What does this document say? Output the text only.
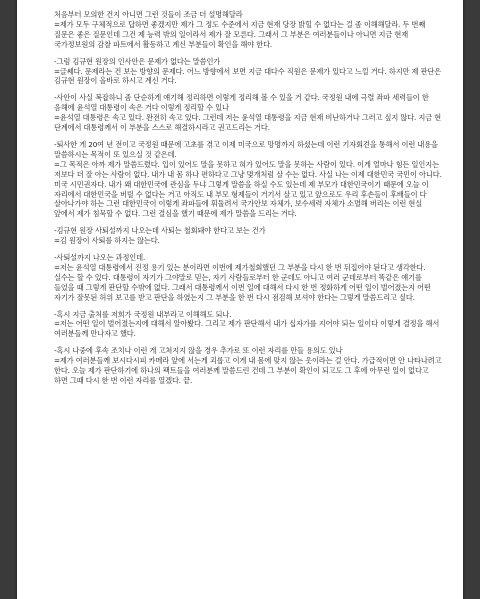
처음부터 모의한 건지 아니면 그런 것들이 조금 더 설명해달라

=제가 모두 구체적으로 답하면 좋겠지만 제가 그 정도 수준에서 지금 현재 당장 밝힐 수 없다는 걸 좀 이해해달라. 두 번째 질문은 좋은 질문인데 그건 제 능력 밖의 일이라서 제가 잘 모른다. 그래서 그 부분은 여러분들이나 아니면 지금 현재 국가정보원의 감찰 파트에서 활동하고 계신 부분들이 확인을 해야 한다.

-그럼 김규현 원장의 인사안은 문제가 없다는 말씀인가

=글쎄다. 문제라는 건 보는 방향의 문제다. 어느 방향에서 보면 지금 대다수 직원은 문제가 있다고 느낄 거다. 하지만 제 판단은 김규현 원장이 올바로 하시고 계신 거다.

-사안이 사실 복잡하니 좀 단순하게 얘기해 정리하면 이렇게 정리해 볼 수 있을 거 같다. 국정원 내에 극렬 좌파 세력들이 한 음해에 윤석열 대통령이 속은 거다 이렇게 정리할 수 있나

=윤석열 대통령은 속고 있다. 완전히 속고 있다. 그런데 저는 윤석열 대통령을 지금 현재 비난하거나 그러고 싶지 않다. 지금 현 단계에서 대통령께서 이 부분을 스스로 해결하시라고 권고드리는 거다.

-퇴사한 게 20여 년 전이고 국정원 때문에 고초를 겪고 이제 미국으로 망명까지 하셨는데 이런 기자회견을 통해서 이런 내용을 말씀하시는 목적이 또 있으실 것 같은데.

=그 목적은 아까 제가 말씀드렸다. 입이 있어도 말을 못하고 혀가 있어도 말을 못하는 사람이 있다. 이게 얼마나 힘든 일인지는 저보다 더 잘 아는 사람이 없다. 내가 내 몸 하나 편하다고 그냥 몇개처럼 살 수는 없다. 사실 나는 이제 대한민국 국민이 아니다. 미국 시민권자다. 내가 왜 대한민국에 관심을 두냐 그렇게 말씀을 하실 수도 있는데 제 부모가 대한민국이기 때문에 오늘 이 자리에서 대한민국을 버릴 수 없다는 거고 아직도 내 부모 형제들이 거기서 살고 있고 앞으로도 우리 후손들이 후배들이 다 살아나가야 하는 그런 대한민국이 이렇게 좌파들에 휘둘려서 국가안보 자체가, 보수세력 자체가 소멸해 버리는 이런 현실 앞에서 제가 침묵할 수 없다. 그런 결심을 했기 때문에 제가 말씀을 드리는 거다.

-김규현 원장 사퇴설까지 나오는데 사퇴는 철회돼야 한다고 보는 건가

=김 원장이 사퇴를 하지는 않는다.

-사퇴설까지 나오는 과정인데.

=저는 윤석열 대통령에서 진정 용기 있는 분이라면 이번에 제가철회했던 그 부분을 다시 한 번 뒤집어야 된다고 생각한다. 실수는 할 수 있다. 대통령이 자기가 그야말로 믿는, 자기 사람들로부터 한 군데도 아니고 여러 군데로부터 똑같은 얘기를 들었을 때 그렇게 판단할 수밖에 없다. 그래서 대통령께서 이번 일에 대해서 다시 한 번 정화하게 어떤 일이 벌어졌는지 어떤 자기가 잘못된 허위 보고를 받고 판단을 하였는지 그 부분을 한 번 다시 점검해 보셔야 한다는 그렇게 말씀드리고 싶다.

-혹시 지금 출처를 저희가 국정원 내부라고 이해해도 되나.

=저는 어떤 일이 벌어졌는지에 대해서 알아봤다. 그리고 제가 판단해서 내가 십자가를 지어야 되는 일이다 이렇게 결정을 해서 여러분들께 만나자고 했다.

-혹시 나중에 후속 조치나 이런 게 고쳐지지 않을 경우 추가로 또 이런 자리를 만들 용의도 있나

=제가 여러분들께 보시다시피 카메라 앞에 서는게 괴롭고 이게 내 몸에 맞지 않는 옷이라는 걸 안다. 가급적이면 안 나타나려고 한다. 오늘 제가 판단하기에 하나의 팩트들을 여러분께 말씀드린 건데 그 부분이 확인이 되고도 그 후에 아무런 일이 없다고 하면 그때 다시 한 번 이런 자리를 열겠다. 끝.
